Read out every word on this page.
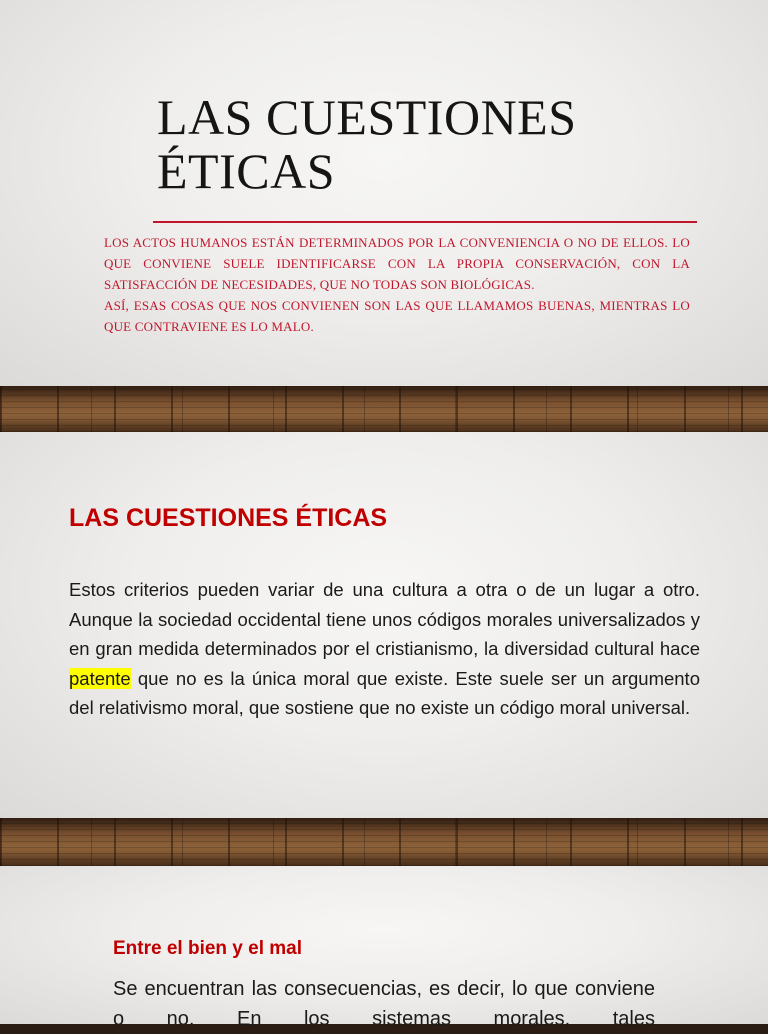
LAS CUESTIONES ÉTICAS

LOS ACTOS HUMANOS ESTÁN DETERMINADOS POR LA CONVENIENCIA O NO DE ELLOS. LO QUE CONVIENE SUELE IDENTIFICARSE CON LA PROPIA CONSERVACIÓN, CON LA SATISFACCIÓN DE NECESIDADES, QUE NO TODAS SON BIOLÓGICAS.

ASÍ, ESAS COSAS QUE NOS CONVIENEN SON LAS QUE LLAMAMOS BUENAS, MIENTRAS LO QUE CONTRAVIENE ES LO MALO.

LAS CUESTIONES ÉTICAS

Estos criterios pueden variar de una cultura a otra o de un lugar a otro. Aunque la sociedad occidental tiene unos códigos morales universalizados y en gran medida determinados por el cristianismo, la diversidad cultural hace patente que no es la única moral que existe. Este suele ser un argumento del relativismo moral, que sostiene que no existe un código moral universal.

Entre el bien y el mal

Se encuentran las consecuencias, es decir, lo que conviene o no. En los sistemas morales, tales
